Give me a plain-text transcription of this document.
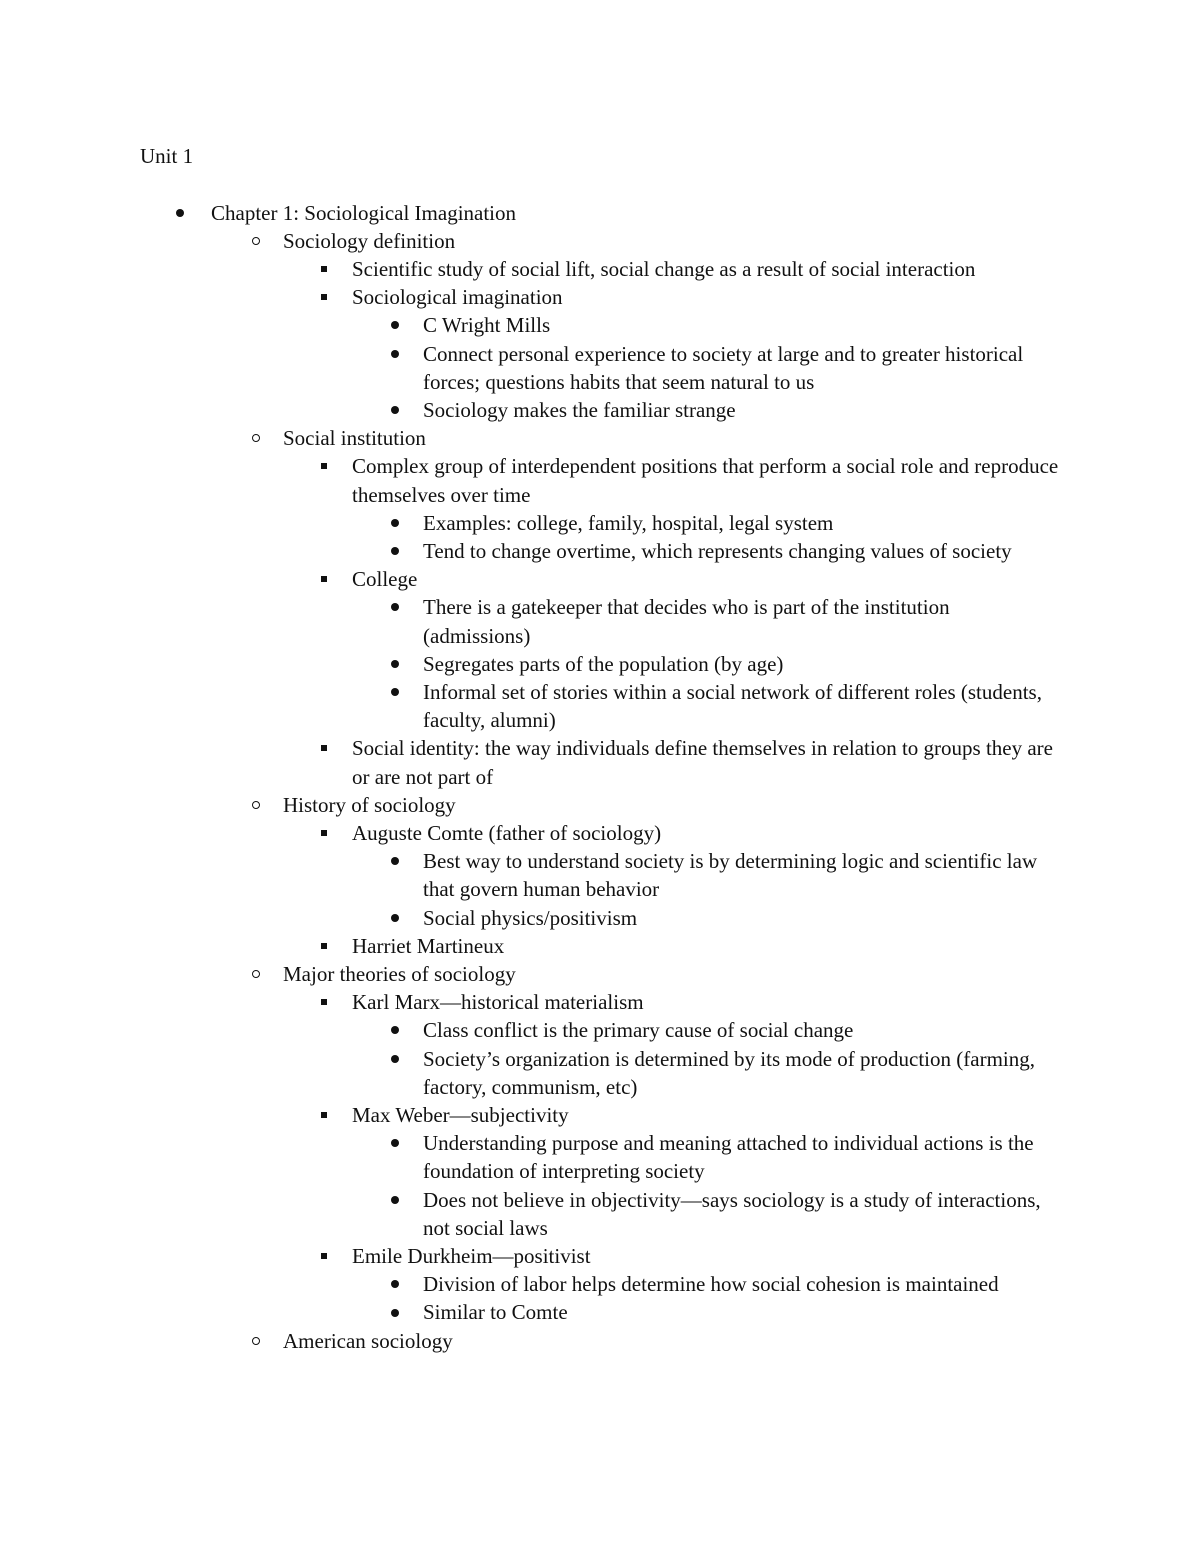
Unit 1
Chapter 1: Sociological Imagination
Sociology definition
Scientific study of social lift, social change as a result of social interaction
Sociological imagination
C Wright Mills
Connect personal experience to society at large and to greater historical forces; questions habits that seem natural to us
Sociology makes the familiar strange
Social institution
Complex group of interdependent positions that perform a social role and reproduce themselves over time
Examples: college, family, hospital, legal system
Tend to change overtime, which represents changing values of society
College
There is a gatekeeper that decides who is part of the institution (admissions)
Segregates parts of the population (by age)
Informal set of stories within a social network of different roles (students, faculty, alumni)
Social identity: the way individuals define themselves in relation to groups they are or are not part of
History of sociology
Auguste Comte (father of sociology)
Best way to understand society is by determining logic and scientific law that govern human behavior
Social physics/positivism
Harriet Martineux
Major theories of sociology
Karl Marx—historical materialism
Class conflict is the primary cause of social change
Society’s organization is determined by its mode of production (farming, factory, communism, etc)
Max Weber—subjectivity
Understanding purpose and meaning attached to individual actions is the foundation of interpreting society
Does not believe in objectivity—says sociology is a study of interactions, not social laws
Emile Durkheim—positivist
Division of labor helps determine how social cohesion is maintained
Similar to Comte
American sociology
